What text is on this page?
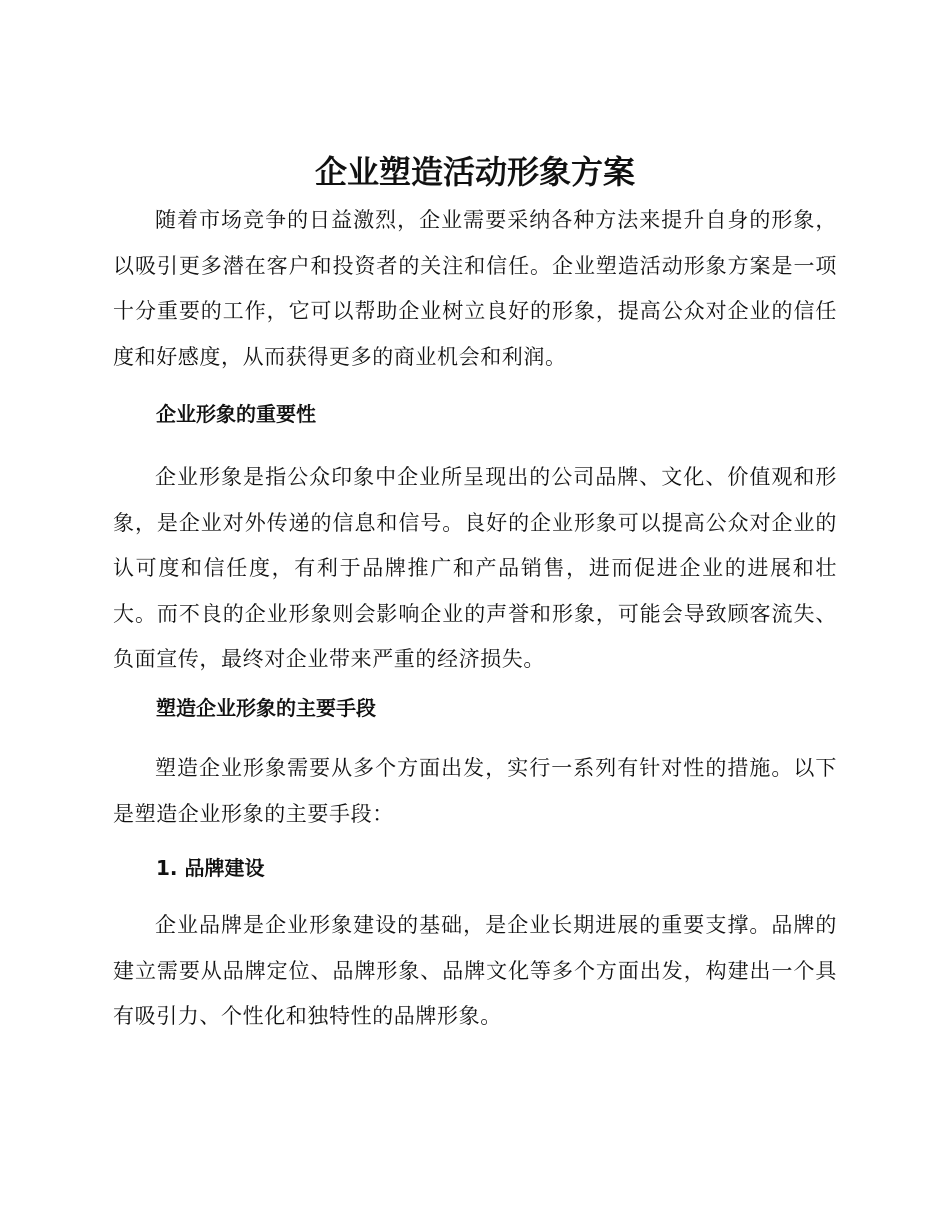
企业塑造活动形象方案

随着市场竞争的日益激烈，企业需要采纳各种方法来提升自身的形象，以吸引更多潜在客户和投资者的关注和信任。企业塑造活动形象方案是一项十分重要的工作，它可以帮助企业树立良好的形象，提高公众对企业的信任度和好感度，从而获得更多的商业机会和利润。

企业形象的重要性

企业形象是指公众印象中企业所呈现出的公司品牌、文化、价值观和形象，是企业对外传递的信息和信号。良好的企业形象可以提高公众对企业的认可度和信任度，有利于品牌推广和产品销售，进而促进企业的进展和壮大。而不良的企业形象则会影响企业的声誉和形象，可能会导致顾客流失、负面宣传，最终对企业带来严重的经济损失。

塑造企业形象的主要手段

塑造企业形象需要从多个方面出发，实行一系列有针对性的措施。以下是塑造企业形象的主要手段：

1. 品牌建设

企业品牌是企业形象建设的基础，是企业长期进展的重要支撑。品牌的建立需要从品牌定位、品牌形象、品牌文化等多个方面出发，构建出一个具有吸引力、个性化和独特性的品牌形象。
